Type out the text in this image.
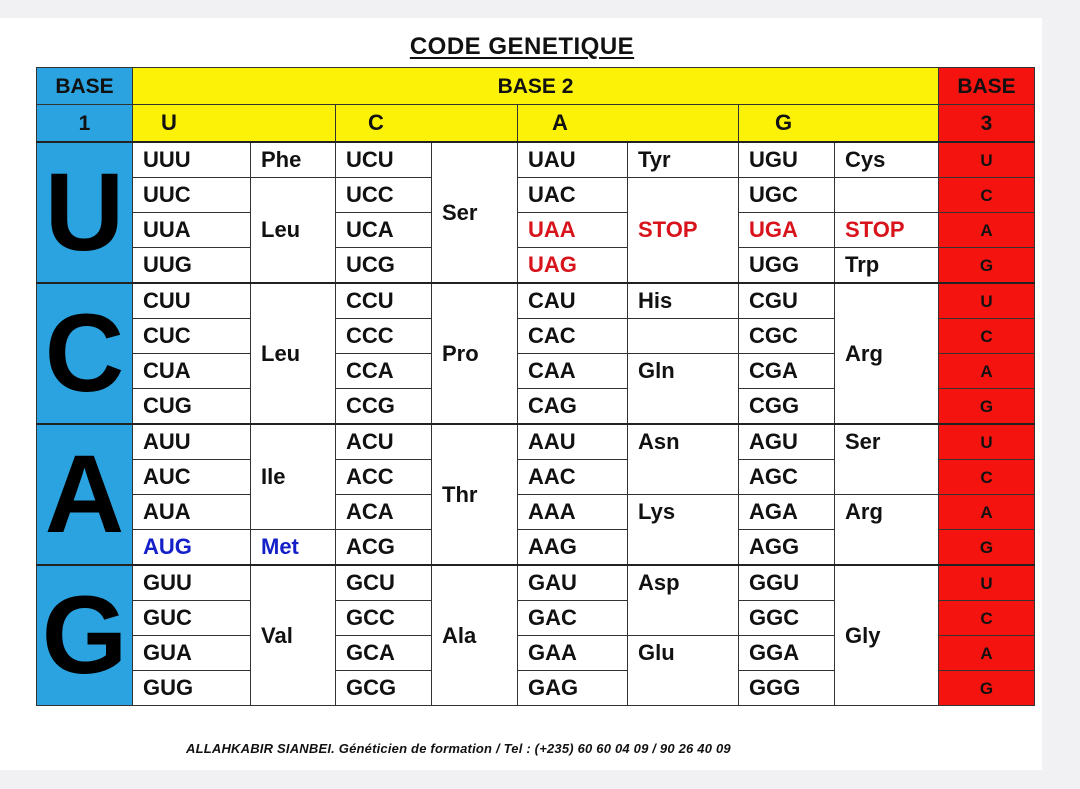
CODE GENETIQUE
BASE	BASE 2								BASE
1	U		C		A		G		3
U	UUU	Phe	UCU	Ser	UAU	Tyr	UGU	Cys	U
	UUC	Leu	UCC		UAC	STOP	UGC		C
	UUA		UCA		UAA		UGA	STOP	A
	UUG		UCG		UAG		UGG	Trp	G
C	CUU	Leu	CCU	Pro	CAU	His	CGU	Arg	U
	CUC		CCC		CAC		CGC		C
	CUA		CCA		CAA	Gln	CGA		A
	CUG		CCG		CAG		CGG		G
A	AUU	Ile	ACU	Thr	AAU	Asn	AGU	Ser	U
	AUC		ACC		AAC		AGC		C
	AUA		ACA		AAA	Lys	AGA	Arg	A
	AUG	Met	ACG		AAG		AGG		G
G	GUU	Val	GCU	Ala	GAU	Asp	GGU	Gly	U
	GUC		GCC		GAC		GGC		C
	GUA		GCA		GAA	Glu	GGA		A
	GUG		GCG		GAG		GGG		G
ALLAHKABIR SIANBEI. Généticien de formation / Tel : (+235) 60 60 04 09 / 90 26 40 09
